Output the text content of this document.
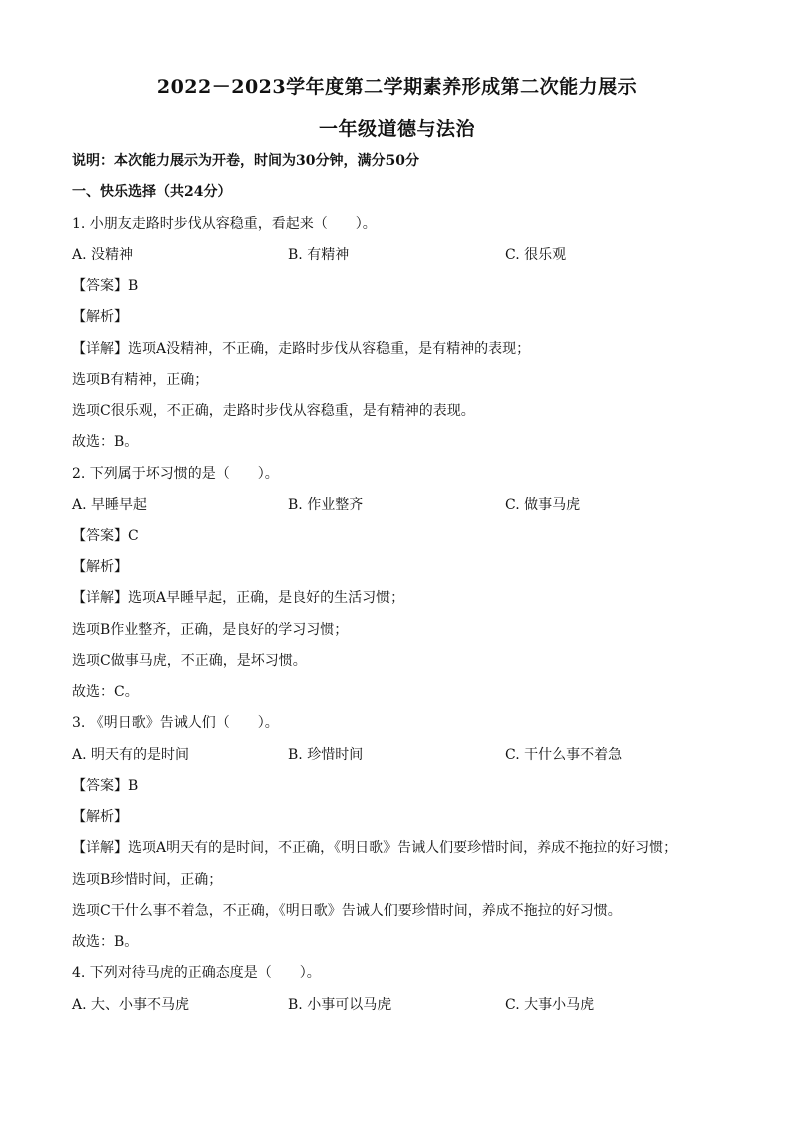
2022－2023学年度第二学期素养形成第二次能力展示
一年级道德与法治
说明：本次能力展示为开卷，时间为30分钟，满分50分
一、快乐选择（共24分）
1. 小朋友走路时步伐从容稳重，看起来（　　）。
A. 没精神	B. 有精神	C. 很乐观
【答案】B
【解析】
【详解】选项A没精神，不正确，走路时步伐从容稳重，是有精神的表现；
选项B有精神，正确；
选项C很乐观，不正确，走路时步伐从容稳重，是有精神的表现。
故选：B。
2. 下列属于坏习惯的是（　　）。
A. 早睡早起	B. 作业整齐	C. 做事马虎
【答案】C
【解析】
【详解】选项A早睡早起，正确，是良好的生活习惯；
选项B作业整齐，正确，是良好的学习习惯；
选项C做事马虎，不正确，是坏习惯。
故选：C。
3. 《明日歌》告诫人们（　　）。
A. 明天有的是时间	B. 珍惜时间	C. 干什么事不着急
【答案】B
【解析】
【详解】选项A明天有的是时间，不正确，《明日歌》告诫人们要珍惜时间，养成不拖拉的好习惯；
选项B珍惜时间，正确；
选项C干什么事不着急，不正确，《明日歌》告诫人们要珍惜时间，养成不拖拉的好习惯。
故选：B。
4. 下列对待马虎的正确态度是（　　）。
A. 大、小事不马虎	B. 小事可以马虎	C. 大事小马虎
